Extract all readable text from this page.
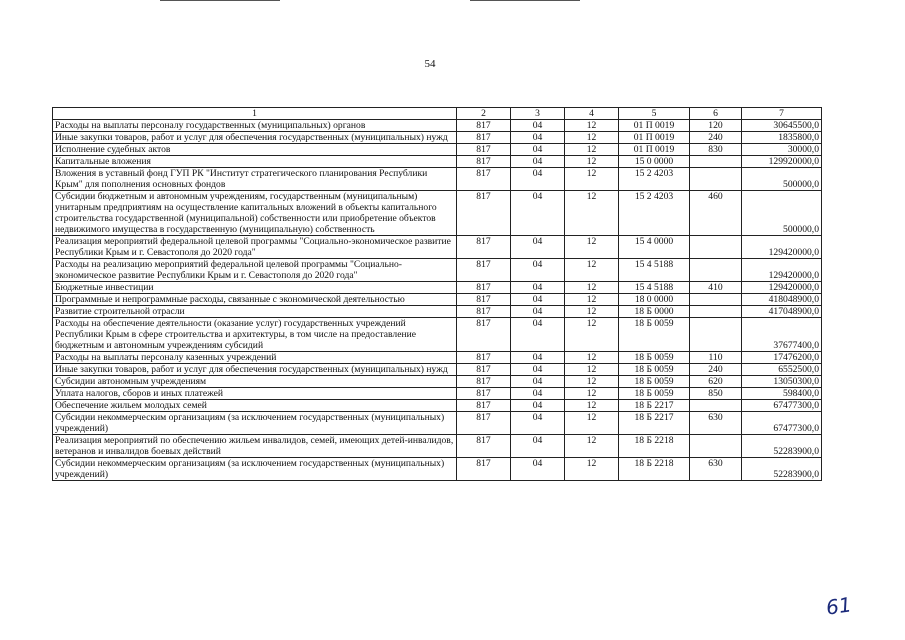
54
1	2	3	4	5	6	7
Расходы на выплаты персоналу государственных (муниципальных) органов	817	04	12	01 П 0019	120	30645500,0
Иные закупки товаров, работ и услуг для обеспечения государственных (муниципальных) нужд	817	04	12	01 П 0019	240	1835800,0
Исполнение судебных актов	817	04	12	01 П 0019	830	30000,0
Капитальные вложения	817	04	12	15 0 0000		129920000,0
Вложения в уставный фонд ГУП РК "Институт стратегического планирования Республики Крым" для пополнения основных фондов	817	04	12	15 2 4203		500000,0
Субсидии бюджетным и автономным учреждениям, государственным (муниципальным) унитарным предприятиям на осуществление капитальных вложений в объекты капитального строительства государственной (муниципальной) собственности или приобретение объектов недвижимого имущества в государственную (муниципальную) собственность	817	04	12	15 2 4203	460	500000,0
Реализация мероприятий федеральной целевой программы "Социально-экономическое развитие Республики Крым и г. Севастополя до 2020 года"	817	04	12	15 4 0000		129420000,0
Расходы на реализацию мероприятий федеральной целевой программы "Социально-экономическое развитие Республики Крым и г. Севастополя до 2020 года"	817	04	12	15 4 5188		129420000,0
Бюджетные инвестиции	817	04	12	15 4 5188	410	129420000,0
Программные и непрограммные расходы, связанные с экономической деятельностью	817	04	12	18 0 0000		418048900,0
Развитие строительной отрасли	817	04	12	18 Б 0000		417048900,0
Расходы на обеспечение деятельности (оказание услуг) государственных учреждений Республики Крым в сфере строительства и архитектуры, в том числе на предоставление бюджетным и автономным учреждениям субсидий	817	04	12	18 Б 0059		37677400,0
Расходы на выплаты персоналу казенных учреждений	817	04	12	18 Б 0059	110	17476200,0
Иные закупки товаров, работ и услуг для обеспечения государственных (муниципальных) нужд	817	04	12	18 Б 0059	240	6552500,0
Субсидии автономным учреждениям	817	04	12	18 Б 0059	620	13050300,0
Уплата налогов, сборов и иных платежей	817	04	12	18 Б 0059	850	598400,0
Обеспечение жильем молодых семей	817	04	12	18 Б 2217		67477300,0
Субсидии некоммерческим организациям (за исключением государственных (муниципальных) учреждений)	817	04	12	18 Б 2217	630	67477300,0
Реализация мероприятий по обеспечению жильем инвалидов, семей, имеющих детей-инвалидов, ветеранов и инвалидов боевых действий	817	04	12	18 Б 2218		52283900,0
Субсидии некоммерческим организациям (за исключением государственных (муниципальных) учреждений)	817	04	12	18 Б 2218	630	52283900,0
61
